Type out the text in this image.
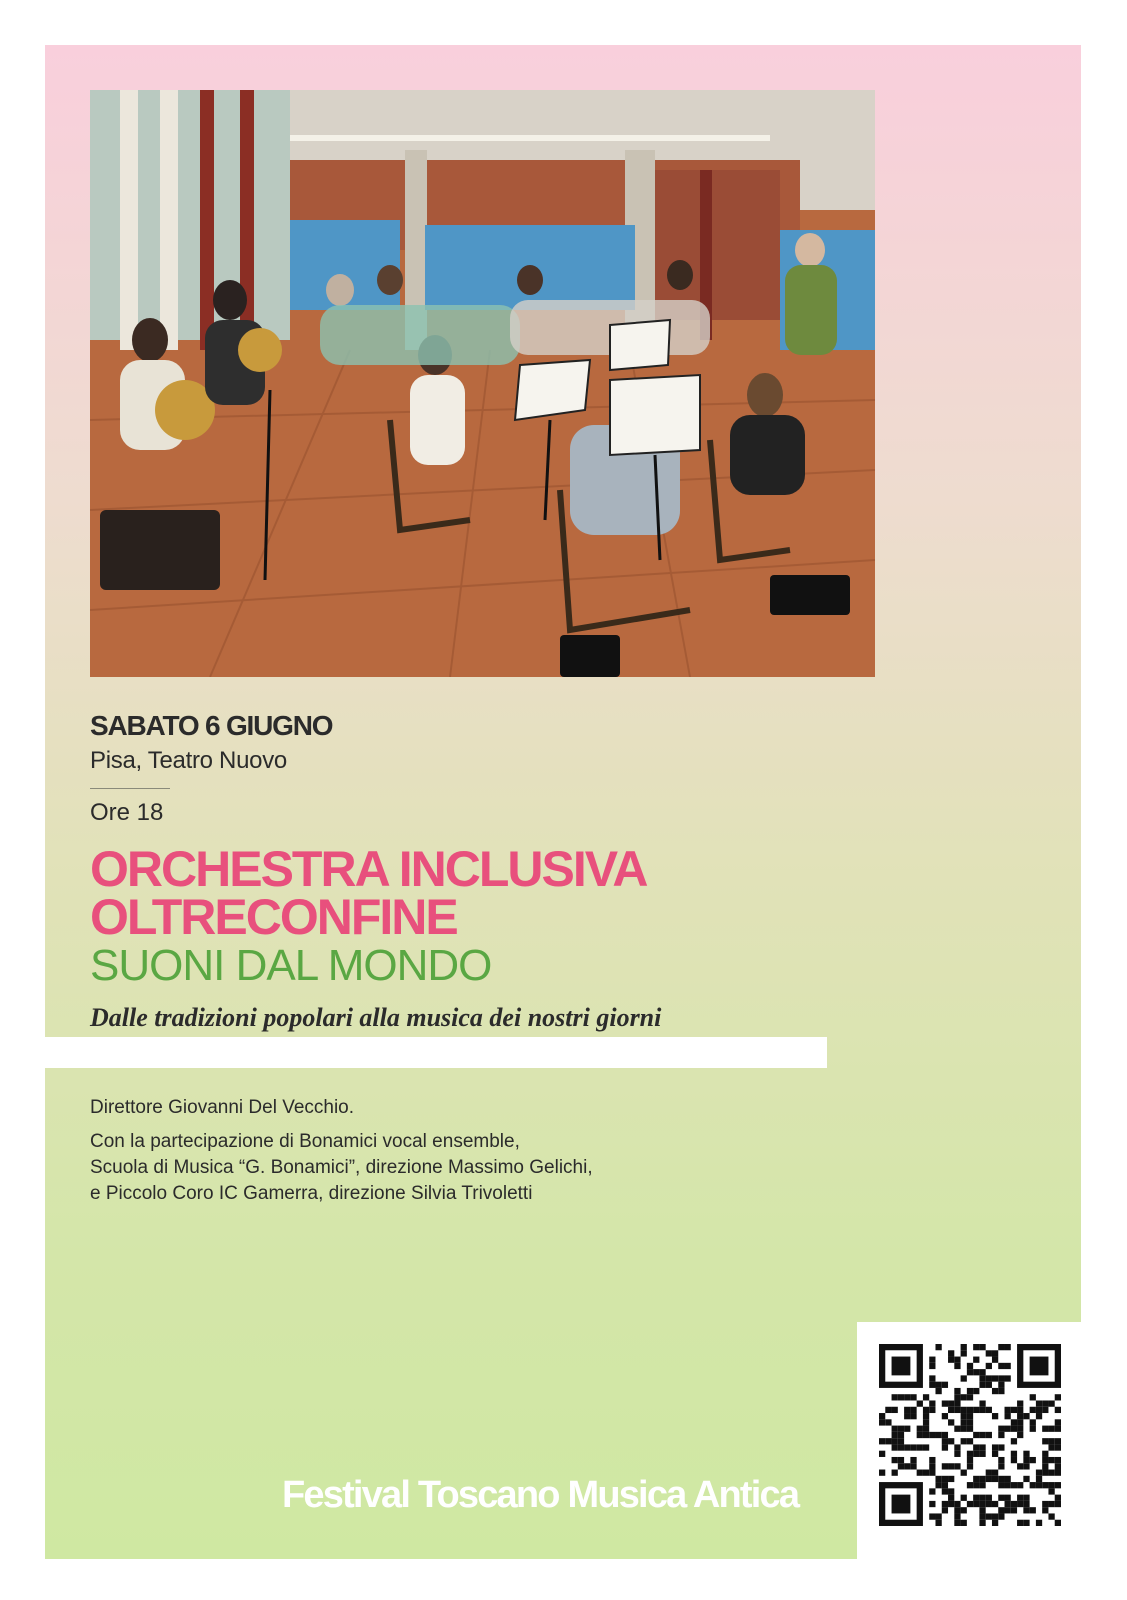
SABATO 6 GIUGNO
Pisa, Teatro Nuovo
Ore 18
ORCHESTRA INCLUSIVA
OLTRECONFINE
SUONI DAL MONDO
Dalle tradizioni popolari alla musica dei nostri giorni

Direttore Giovanni Del Vecchio.

Con la partecipazione di Bonamici vocal ensemble,
Scuola di Musica “G. Bonamici”, direzione Massimo Gelichi,
e Piccolo Coro IC Gamerra, direzione Silvia Trivoletti

Festival Toscano Musica Antica
